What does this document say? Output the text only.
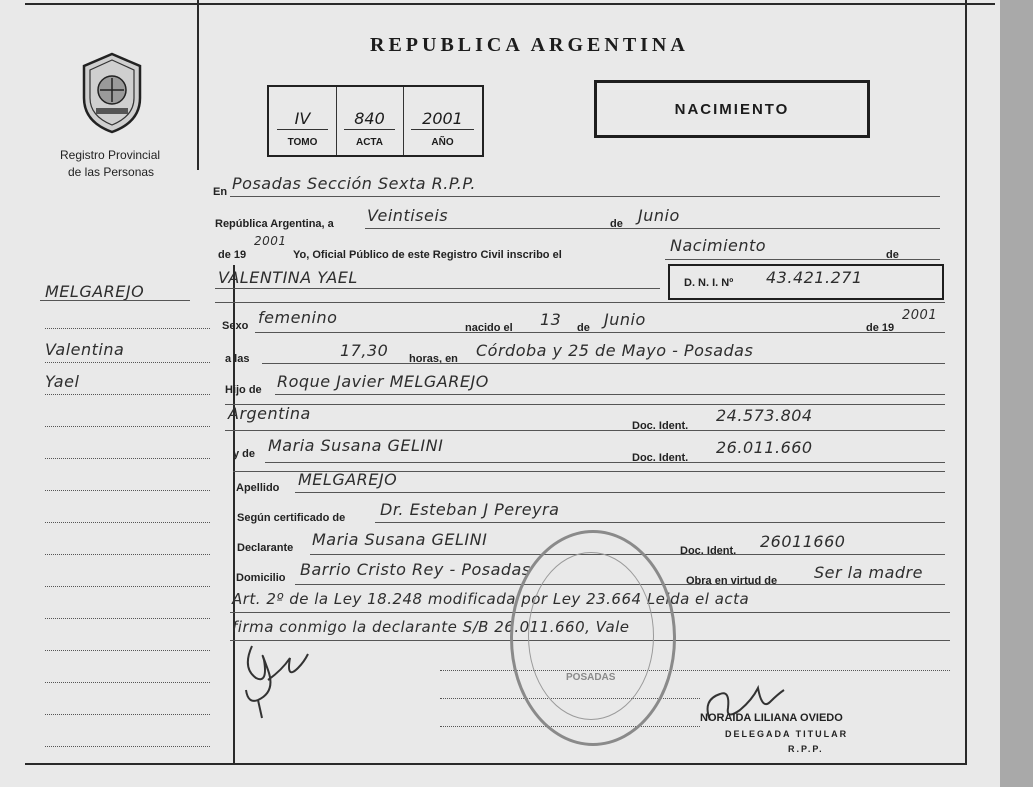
Registro Provincial
de las Personas
REPUBLICA ARGENTINA
IV
TOMO
840
ACTA
2001
AÑO
NACIMIENTO
MELGAREJO
Valentina
Yael
En Posadas Sección Sexta R.P.P.
República Argentina, a Veintiseis	de Junio
de 19
2001
Yo, Oficial Público de este Registro Civil inscribo el	Nacimiento	de
VALENTINA YAEL	D. N. I. Nº 43.421.271
Sexo femenino
nacido el 13 de Junio	de 19
2001
a las	17,30 horas, en Córdoba y 25 de Mayo - Posadas
Hijo de Roque Javier MELGAREJO
Argentina
Doc. Ident.
24.573.804
y de Maria Susana GELINI
Doc. Ident.
26.011.660
Apellido MELGAREJO
Según certificado de Dr. Esteban J Pereyra
Declarante Maria Susana GELINI
Doc. Ident. 26011660
Domicilio Barrio Cristo Rey - Posadas
Obra en virtud de Ser la madre
Art. 2º de la Ley 18.248 modificada por Ley 23.664 Leida el acta
firma conmigo la declarante S/B 26.011.660, Vale
POSADAS
NORAIDA LILIANA OVIEDO
DELEGADA TITULAR
R.P.P.
